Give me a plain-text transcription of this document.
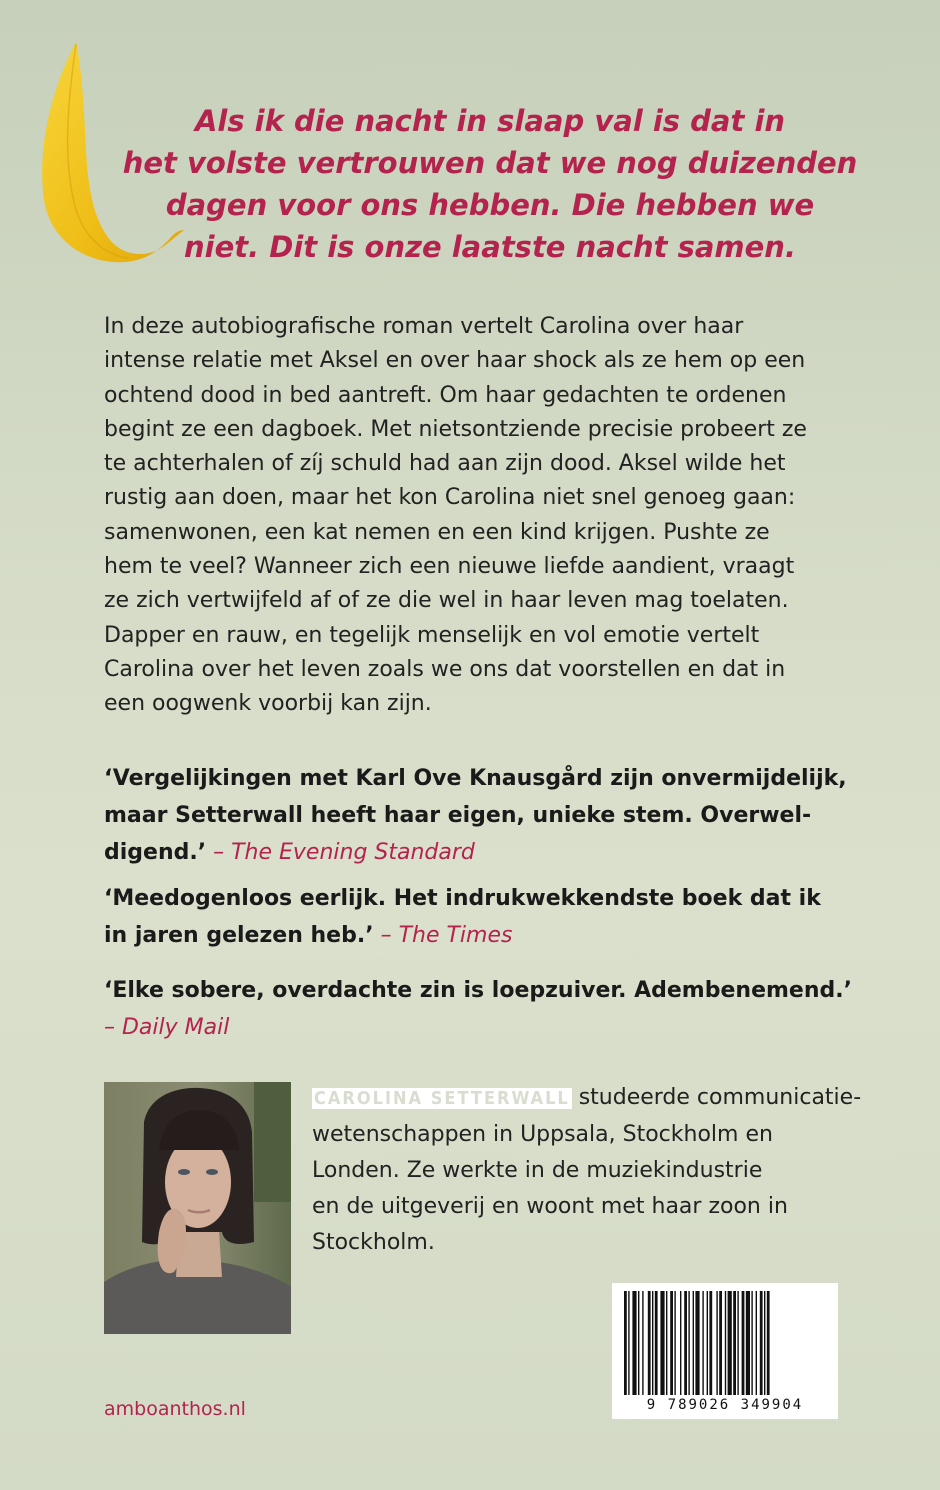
Als ik die nacht in slaap val is dat in
het volste vertrouwen dat we nog duizenden
dagen voor ons hebben. Die hebben we
niet. Dit is onze laatste nacht samen.

In deze autobiografische roman vertelt Carolina over haar
intense relatie met Aksel en over haar shock als ze hem op een
ochtend dood in bed aantreft. Om haar gedachten te ordenen
begint ze een dagboek. Met nietsontziende precisie probeert ze
te achterhalen of zíj schuld had aan zijn dood. Aksel wilde het
rustig aan doen, maar het kon Carolina niet snel genoeg gaan:
samenwonen, een kat nemen en een kind krijgen. Pushte ze
hem te veel? Wanneer zich een nieuwe liefde aandient, vraagt
ze zich vertwijfeld af of ze die wel in haar leven mag toelaten.
Dapper en rauw, en tegelijk menselijk en vol emotie vertelt
Carolina over het leven zoals we ons dat voorstellen en dat in
een oogwenk voorbij kan zijn.

‘Vergelijkingen met Karl Ove Knausgård zijn onvermijdelijk,
maar Setterwall heeft haar eigen, unieke stem. Overwel-
digend.’ – The Evening Standard

‘Meedogenloos eerlijk. Het indrukwekkendste boek dat ik
in jaren gelezen heb.’ – The Times

‘Elke sobere, overdachte zin is loepzuiver. Adembenemend.’
– Daily Mail

CAROLINA SETTERWALL studeerde communicatie-
wetenschappen in Uppsala, Stockholm en
Londen. Ze werkte in de muziekindustrie
en de uitgeverij en woont met haar zoon in
Stockholm.

amboanthos.nl	9 789026 349904
